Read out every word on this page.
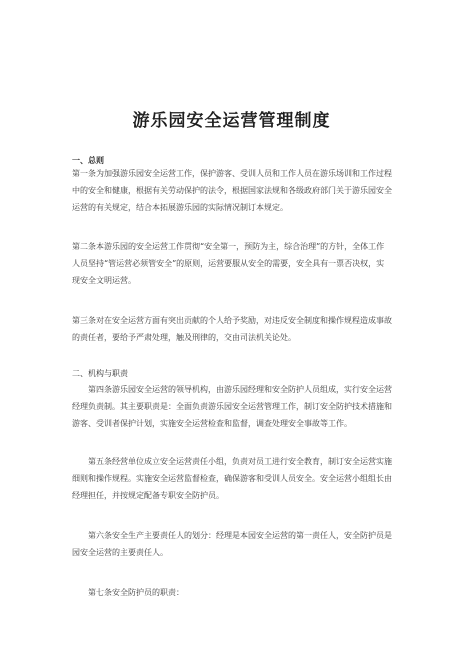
游乐园安全运营管理制度
一、总则
第一条为加强游乐园安全运营工作，保护游客、受训人员和工作人员在游乐场训和工作过程
中的安全和健康，根据有关劳动保护的法令，根据国家法规和各级政府部门关于游乐园安全
运营的有关规定，结合本拓展游乐园的实际情况制订本规定。
第二条本游乐园的安全运营工作贯彻“安全第一，预防为主，综合治理”的方针，全体工作
人员坚持“管运营必须管安全”的原则，运营要服从安全的需要，安全具有一票否决权，实
现安全文明运营。
第三条对在安全运营方面有突出贡献的个人给予奖励，对违反安全制度和操作规程造成事故
的责任者，要给予严肃处理，触及刑律的，交由司法机关论处。
二、机构与职责
　　第四条游乐园安全运营的领导机构，由游乐园经理和安全防护人员组成，实行安全运营
经理负责制。其主要职责是：全面负责游乐园安全运营管理工作，制订安全防护技术措施和
游客、受训者保护计划，实施安全运营检查和监督，调查处理安全事故等工作。
　　第五条经营单位成立安全运营责任小组，负责对员工进行安全教育，制订安全运营实施
细则和操作规程。实施安全运营监督检查，确保游客和受训人员安全。安全运营小组组长由
经理担任，并按规定配备专职安全防护员。
　　第六条安全生产主要责任人的划分：经理是本园安全运营的第一责任人，安全防护员是
园安全运营的主要责任人。
　　第七条安全防护员的职责：
